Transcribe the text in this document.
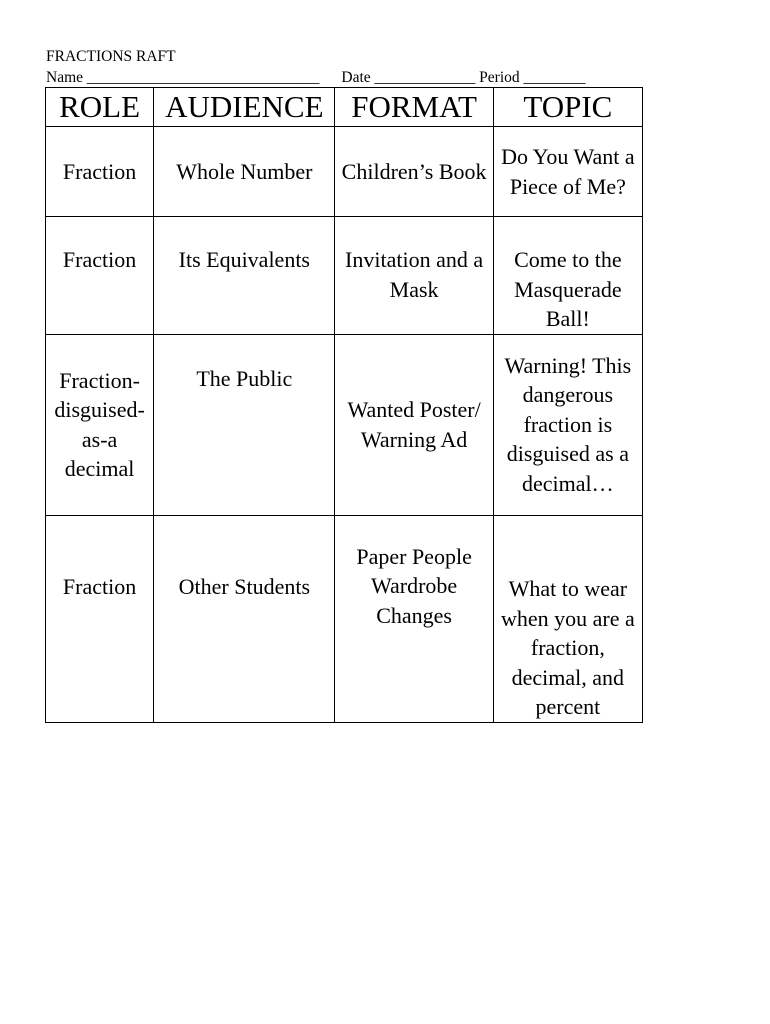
FRACTIONS RAFT
Name ______________________________ Date _____________ Period ________
ROLE	AUDIENCE	FORMAT	TOPIC
Fraction	Whole Number	Children’s Book	Do You Want a Piece of Me?
Fraction	Its Equivalents	Invitation and a Mask	Come to the Masquerade Ball!
Fraction-disguised-as-a decimal	The Public	Wanted Poster/ Warning Ad	Warning! This dangerous fraction is disguised as a decimal…
Fraction	Other Students	Paper People Wardrobe Changes	What to wear when you are a fraction, decimal, and percent
